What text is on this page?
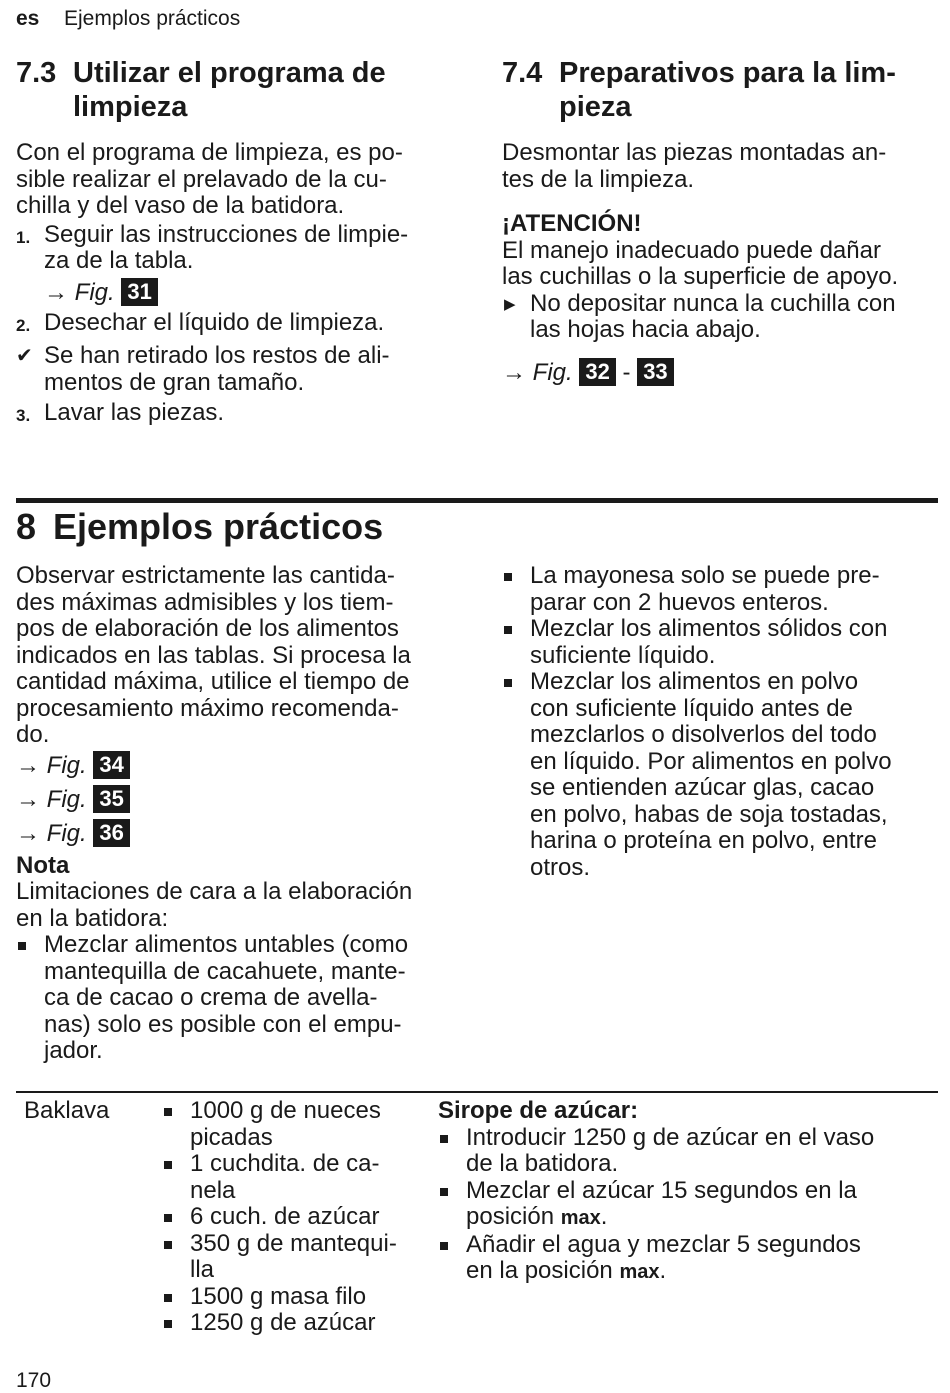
es Ejemplos prácticos
7.3 Utilizar el programa de
limpieza
Con el programa de limpieza, es po-
sible realizar el prelavado de la cu-
chilla y del vaso de la batidora.
1. Seguir las instrucciones de limpie-
za de la tabla.
→ Fig. 31
2. Desechar el líquido de limpieza.
✔ Se han retirado los restos de ali-
mentos de gran tamaño.
3. Lavar las piezas.
7.4 Preparativos para la lim-
pieza
Desmontar las piezas montadas an-
tes de la limpieza.
¡ATENCIÓN!
El manejo inadecuado puede dañar
las cuchillas o la superficie de apoyo.
▶ No depositar nunca la cuchilla con
las hojas hacia abajo.
→ Fig. 32 - 33
8 Ejemplos prácticos
Observar estrictamente las cantida-
des máximas admisibles y los tiem-
pos de elaboración de los alimentos
indicados en las tablas. Si procesa la
cantidad máxima, utilice el tiempo de
procesamiento máximo recomenda-
do.
→ Fig. 34
→ Fig. 35
→ Fig. 36
Nota
Limitaciones de cara a la elaboración
en la batidora:
Mezclar alimentos untables (como
mantequilla de cacahuete, mante-
ca de cacao o crema de avella-
nas) solo es posible con el empu-
jador.
La mayonesa solo se puede pre-
parar con 2 huevos enteros.
Mezclar los alimentos sólidos con
suficiente líquido.
Mezclar los alimentos en polvo
con suficiente líquido antes de
mezclarlos o disolverlos del todo
en líquido. Por alimentos en polvo
se entienden azúcar glas, cacao
en polvo, habas de soja tostadas,
harina o proteína en polvo, entre
otros.
Baklava	1000 g de nueces
picadas
1 cuchdita. de ca-
nela
6 cuch. de azúcar
350 g de mantequi-
lla
1500 g masa filo
1250 g de azúcar
Sirope de azúcar:
Introducir 1250 g de azúcar en el vaso
de la batidora.
Mezclar el azúcar 15 segundos en la
posición max.
Añadir el agua y mezclar 5 segundos
en la posición max.
170
